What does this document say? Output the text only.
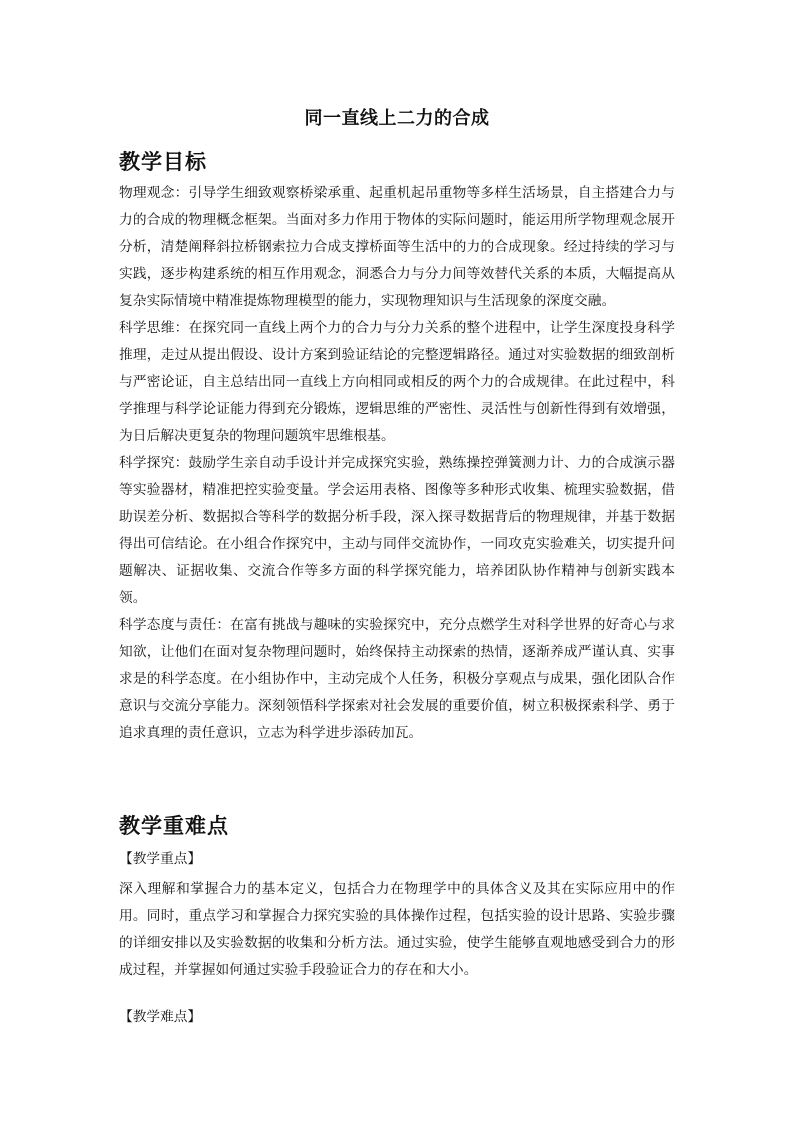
同一直线上二力的合成
教学目标

物理观念：引导学生细致观察桥梁承重、起重机起吊重物等多样生活场景，自主搭建合力与力的合成的物理概念框架。当面对多力作用于物体的实际问题时，能运用所学物理观念展开分析，清楚阐释斜拉桥钢索拉力合成支撑桥面等生活中的力的合成现象。经过持续的学习与实践，逐步构建系统的相互作用观念，洞悉合力与分力间等效替代关系的本质，大幅提高从复杂实际情境中精准提炼物理模型的能力，实现物理知识与生活现象的深度交融。

科学思维：在探究同一直线上两个力的合力与分力关系的整个进程中，让学生深度投身科学推理，走过从提出假设、设计方案到验证结论的完整逻辑路径。通过对实验数据的细致剖析与严密论证，自主总结出同一直线上方向相同或相反的两个力的合成规律。在此过程中，科学推理与科学论证能力得到充分锻炼，逻辑思维的严密性、灵活性与创新性得到有效增强，为日后解决更复杂的物理问题筑牢思维根基。

科学探究：鼓励学生亲自动手设计并完成探究实验，熟练操控弹簧测力计、力的合成演示器等实验器材，精准把控实验变量。学会运用表格、图像等多种形式收集、梳理实验数据，借助误差分析、数据拟合等科学的数据分析手段，深入探寻数据背后的物理规律，并基于数据得出可信结论。在小组合作探究中，主动与同伴交流协作，一同攻克实验难关，切实提升问题解决、证据收集、交流合作等多方面的科学探究能力，培养团队协作精神与创新实践本领。

科学态度与责任：在富有挑战与趣味的实验探究中，充分点燃学生对科学世界的好奇心与求知欲，让他们在面对复杂物理问题时，始终保持主动探索的热情，逐渐养成严谨认真、实事求是的科学态度。在小组协作中，主动完成个人任务，积极分享观点与成果，强化团队合作意识与交流分享能力。深刻领悟科学探索对社会发展的重要价值，树立积极探索科学、勇于追求真理的责任意识，立志为科学进步添砖加瓦。

教学重难点
【教学重点】

深入理解和掌握合力的基本定义，包括合力在物理学中的具体含义及其在实际应用中的作用。同时，重点学习和掌握合力探究实验的具体操作过程，包括实验的设计思路、实验步骤的详细安排以及实验数据的收集和分析方法。通过实验，使学生能够直观地感受到合力的形成过程，并掌握如何通过实验手段验证合力的存在和大小。

【教学难点】
